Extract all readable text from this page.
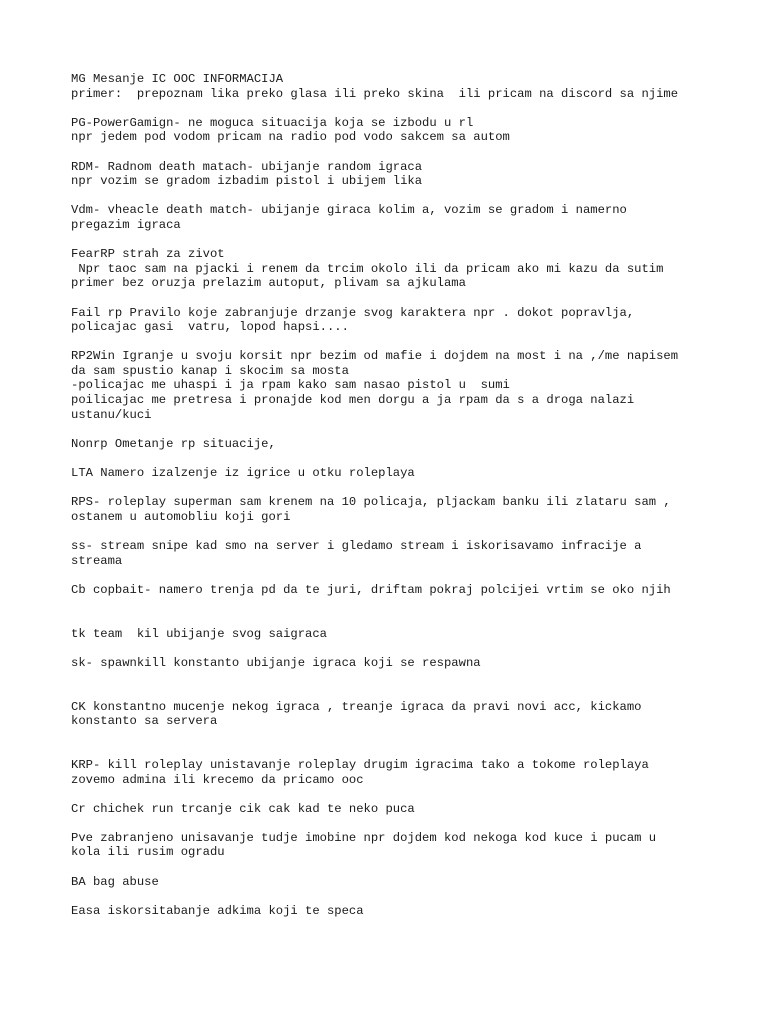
MG Mesanje IC OOC INFORMACIJA
primer:  prepoznam lika preko glasa ili preko skina  ili pricam na discord sa njime
PG-PowerGamign- ne moguca situacija koja se izbodu u rl
npr jedem pod vodom pricam na radio pod vodo sakcem sa autom
RDM- Radnom death matach- ubijanje random igraca
npr vozim se gradom izbadim pistol i ubijem lika
Vdm- vheacle death match- ubijanje giraca kolim a, vozim se gradom i namerno
pregazim igraca
FearRP strah za zivot
Npr taoc sam na pjacki i renem da trcim okolo ili da pricam ako mi kazu da sutim
primer bez oruzja prelazim autoput, plivam sa ajkulama
Fail rp Pravilo koje zabranjuje drzanje svog karaktera npr . dokot popravlja,
policajac gasi  vatru, lopod hapsi....
RP2Win Igranje u svoju korsit npr bezim od mafie i dojdem na most i na ,/me napisem
da sam spustio kanap i skocim sa mosta
-policajac me uhaspi i ja rpam kako sam nasao pistol u  sumi
poilicajac me pretresa i pronajde kod men dorgu a ja rpam da s a droga nalazi
ustanu/kuci
Nonrp Ometanje rp situacije,
LTA Namero izalzenje iz igrice u otku roleplaya
RPS- roleplay superman sam krenem na 10 policaja, pljackam banku ili zlataru sam ,
ostanem u automobliu koji gori
ss- stream snipe kad smo na server i gledamo stream i iskorisavamo infracije a
streama
Cb copbait- namero trenja pd da te juri, driftam pokraj polcijei vrtim se oko njih
tk team  kil ubijanje svog saigraca
sk- spawnkill konstanto ubijanje igraca koji se respawna
CK konstantno mucenje nekog igraca , treanje igraca da pravi novi acc, kickamo
konstanto sa servera
KRP- kill roleplay unistavanje roleplay drugim igracima tako a tokome roleplaya
zovemo admina ili krecemo da pricamo ooc
Cr chichek run trcanje cik cak kad te neko puca
Pve zabranjeno unisavanje tudje imobine npr dojdem kod nekoga kod kuce i pucam u
kola ili rusim ogradu
BA bag abuse
Easa iskorsitabanje adkima koji te speca
